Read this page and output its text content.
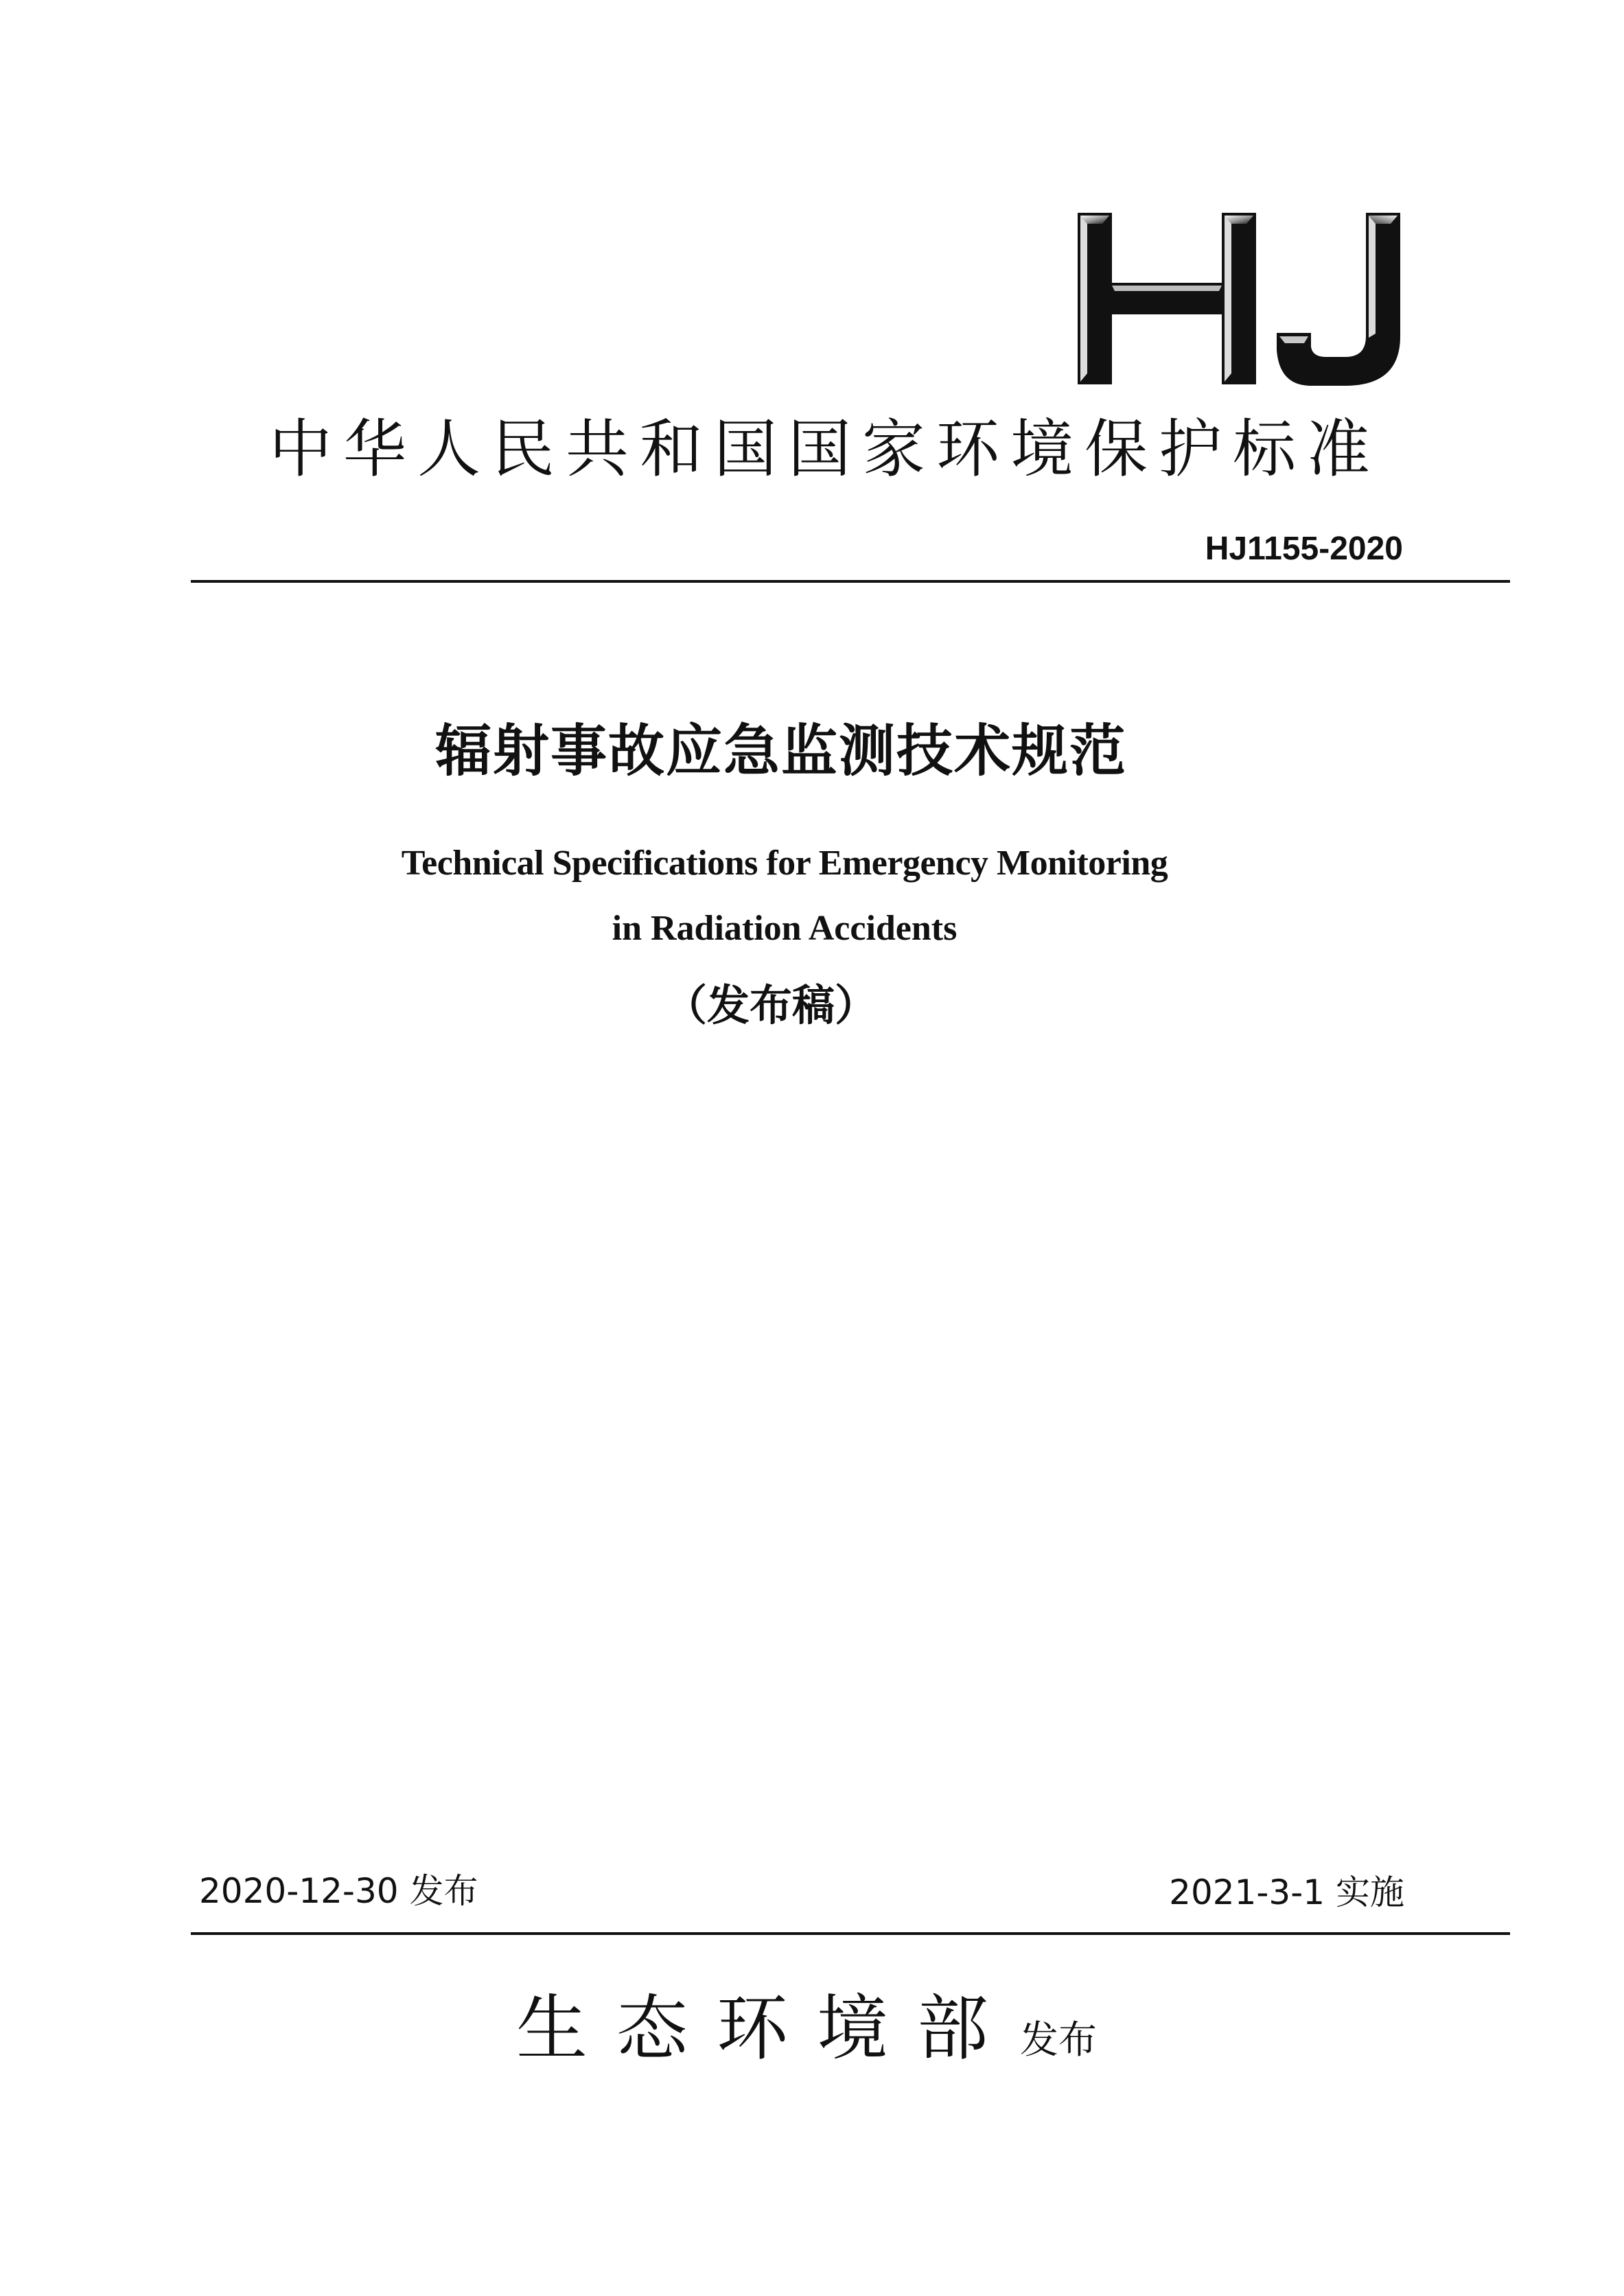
中华人民共和国国家环境保护标准
HJ1155-2020
辐射事故应急监测技术规范
Technical Specifications for Emergency Monitoring
in Radiation Accidents
（发布稿）
2020-12-30 发布	2021-3-1 实施
生态环境部发布
